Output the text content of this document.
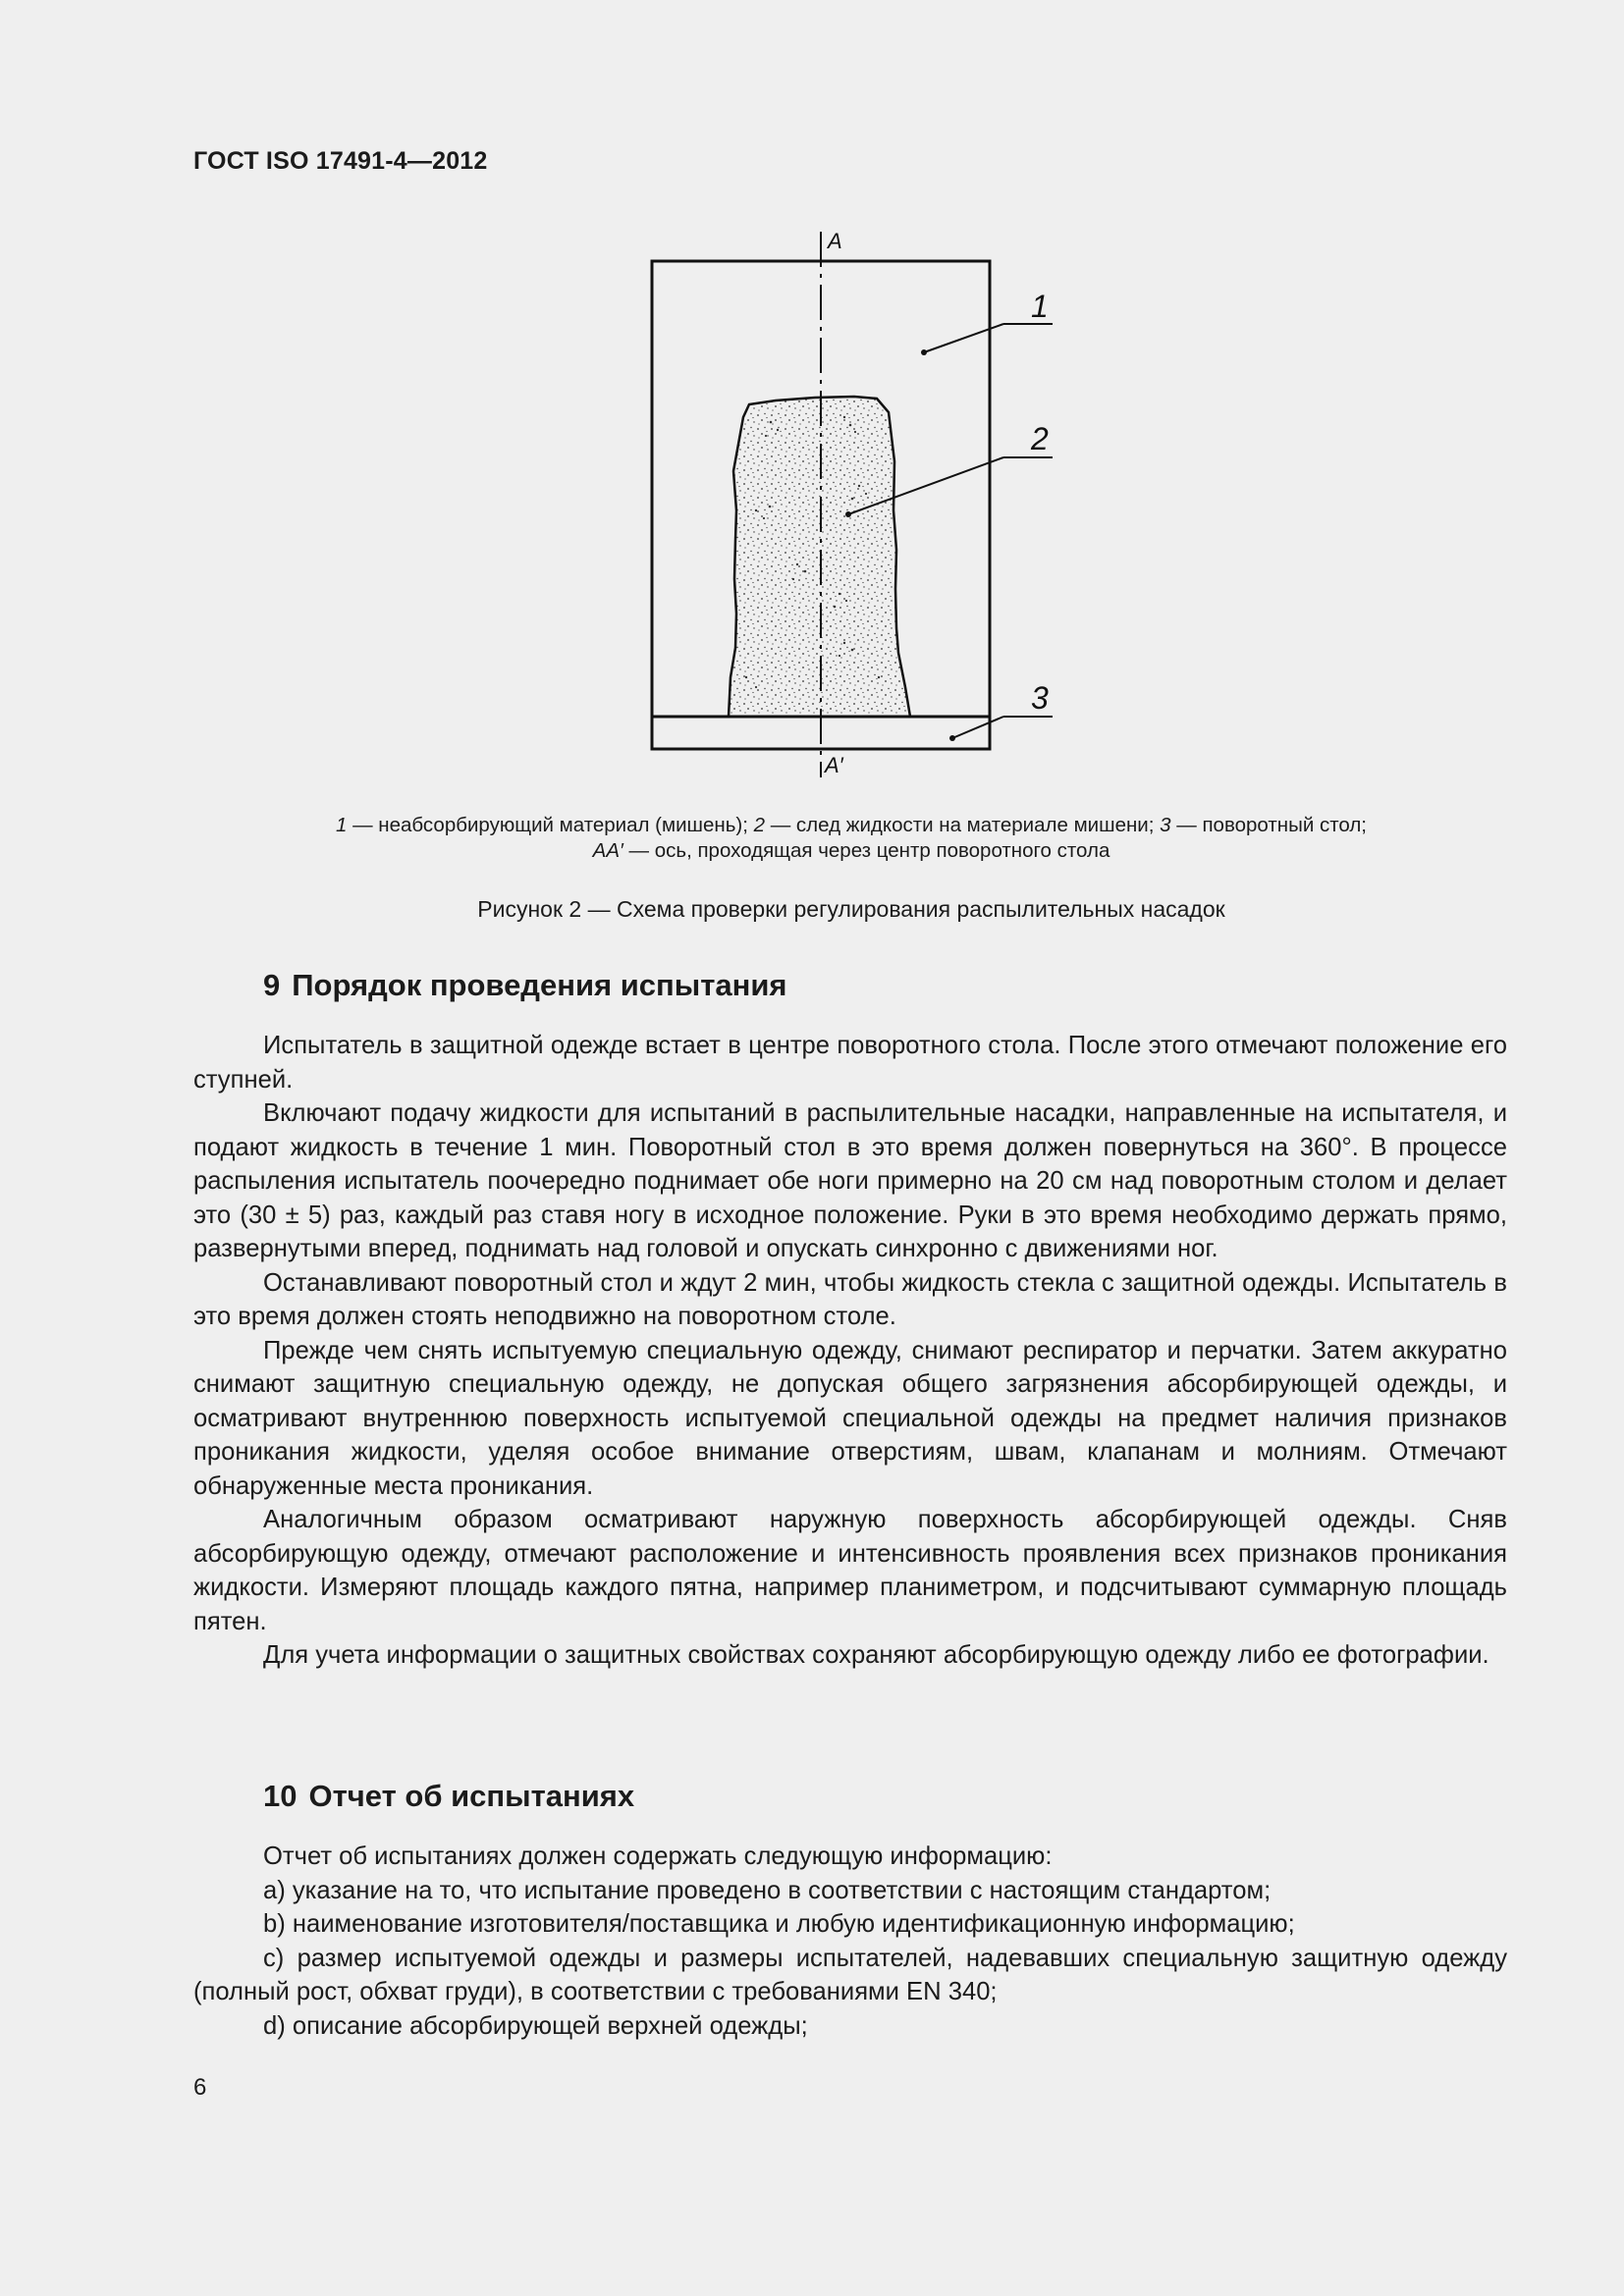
ГОСТ ISO 17491-4—2012
A
A′
1
2
3
1 — неабсорбирующий материал (мишень); 2 — след жидкости на материале мишени; 3 — поворотный стол;
AA′ — ось, проходящая через центр поворотного стола
Рисунок 2 — Схема проверки регулирования распылительных насадок
9 Порядок проведения испытания

Испытатель в защитной одежде встает в центре поворотного стола. После этого отмечают положение его ступней.

Включают подачу жидкости для испытаний в распылительные насадки, направленные на испытателя, и подают жидкость в течение 1 мин. Поворотный стол в это время должен повернуться на 360°. В процессе распыления испытатель поочередно поднимает обе ноги примерно на 20 см над поворотным столом и делает это (30 ± 5) раз, каждый раз ставя ногу в исходное положение. Руки в это время необходимо держать прямо, развернутыми вперед, поднимать над головой и опускать синхронно с движениями ног.

Останавливают поворотный стол и ждут 2 мин, чтобы жидкость стекла с защитной одежды. Испытатель в это время должен стоять неподвижно на поворотном столе.

Прежде чем снять испытуемую специальную одежду, снимают респиратор и перчатки. Затем аккуратно снимают защитную специальную одежду, не допуская общего загрязнения абсорбирующей одежды, и осматривают внутреннюю поверхность испытуемой специальной одежды на предмет наличия признаков проникания жидкости, уделяя особое внимание отверстиям, швам, клапанам и молниям. Отмечают обнаруженные места проникания.

Аналогичным образом осматривают наружную поверхность абсорбирующей одежды. Сняв абсорбирующую одежду, отмечают расположение и интенсивность проявления всех признаков проникания жидкости. Измеряют площадь каждого пятна, например планиметром, и подсчитывают суммарную площадь пятен.

Для учета информации о защитных свойствах сохраняют абсорбирующую одежду либо ее фотографии.

10 Отчет об испытаниях

Отчет об испытаниях должен содержать следующую информацию:

a) указание на то, что испытание проведено в соответствии с настоящим стандартом;

b) наименование изготовителя/поставщика и любую идентификационную информацию;

c) размер испытуемой одежды и размеры испытателей, надевавших специальную защитную одежду (полный рост, обхват груди), в соответствии с требованиями EN 340;

d) описание абсорбирующей верхней одежды;

6
